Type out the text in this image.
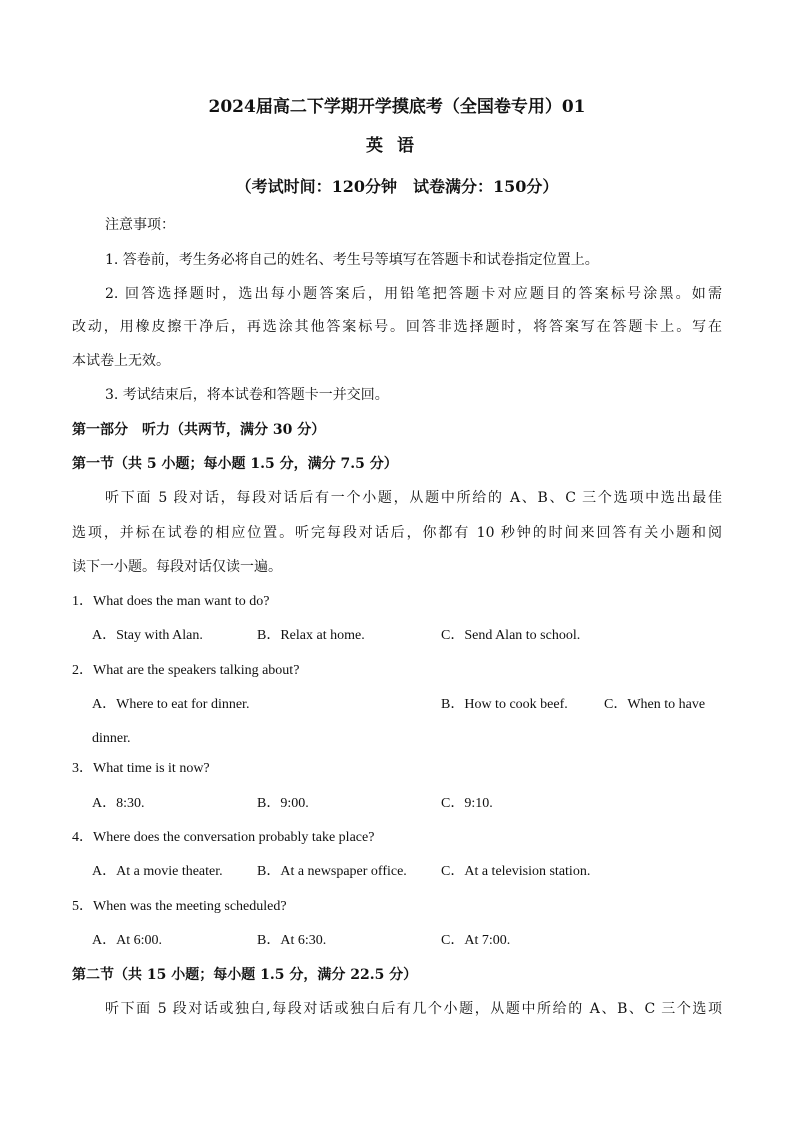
2024届高二下学期开学摸底考（全国卷专用）01
英语
（考试时间：120分钟　试卷满分：150分）
注意事项：
1. 答卷前，考生务必将自己的姓名、考生号等填写在答题卡和试卷指定位置上。
2. 回答选择题时，选出每小题答案后，用铅笔把答题卡对应题目的答案标号涂黑。如需
改动，用橡皮擦干净后，再选涂其他答案标号。回答非选择题时，将答案写在答题卡上。写在
本试卷上无效。
3. 考试结束后，将本试卷和答题卡一并交回。
第一部分　听力（共两节，满分 30 分）
第一节（共 5 小题；每小题 1.5 分，满分 7.5 分）
听下面 5 段对话，每段对话后有一个小题，从题中所给的 A、B、C 三个选项中选出最佳
选项，并标在试卷的相应位置。听完每段对话后，你都有 10 秒钟的时间来回答有关小题和阅
读下一小题。每段对话仅读一遍。
1．What does the man want to do?
A．Stay with Alan.	B．Relax at home.	C．Send Alan to school.
2．What are the speakers talking about?
A．Where to eat for dinner.	B．How to cook beef.	C．When to have
dinner.
3．What time is it now?
A．8:30.	B．9:00.	C．9:10.
4．Where does the conversation probably take place?
A．At a movie theater. B．At a newspaper office. C．At a television station.
5．When was the meeting scheduled?
A．At 6:00.	B．At 6:30.	C．At 7:00.
第二节（共 15 小题；每小题 1.5 分，满分 22.5 分）
听下面 5 段对话或独白,每段对话或独白后有几个小题，从题中所给的 A、B、C 三个选项
